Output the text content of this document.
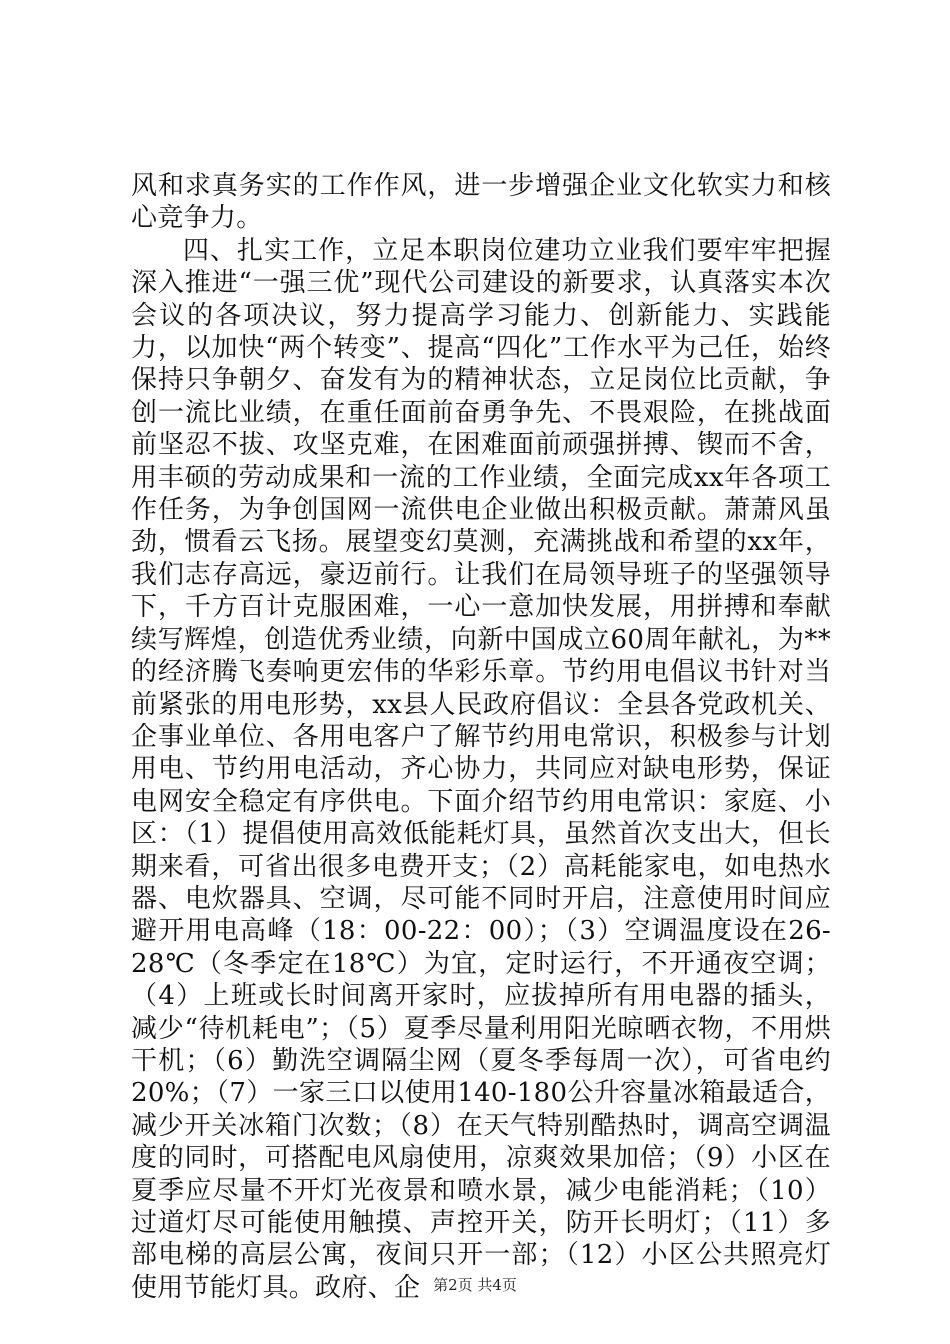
风和求真务实的工作作风，进一步增强企业文化软实力和核心竞争力。

四、扎实工作，立足本职岗位建功立业我们要牢牢把握深入推进“一强三优”现代公司建设的新要求，认真落实本次会议的各项决议，努力提高学习能力、创新能力、实践能力，以加快“两个转变”、提高“四化”工作水平为己任，始终保持只争朝夕、奋发有为的精神状态，立足岗位比贡献，争创一流比业绩，在重任面前奋勇争先、不畏艰险，在挑战面前坚忍不拔、攻坚克难，在困难面前顽强拼搏、锲而不舍，用丰硕的劳动成果和一流的工作业绩，全面完成xx年各项工作任务，为争创国网一流供电企业做出积极贡献。萧萧风虽劲，惯看云飞扬。展望变幻莫测，充满挑战和希望的xx年，我们志存高远，豪迈前行。让我们在局领导班子的坚强领导下，千方百计克服困难，一心一意加快发展，用拼搏和奉献续写辉煌，创造优秀业绩，向新中国成立60周年献礼，为**的经济腾飞奏响更宏伟的华彩乐章。节约用电倡议书针对当前紧张的用电形势，xx县人民政府倡议：全县各党政机关、企事业单位、各用电客户了解节约用电常识，积极参与计划用电、节约用电活动，齐心协力，共同应对缺电形势，保证电网安全稳定有序供电。下面介绍节约用电常识：家庭、小区：（1）提倡使用高效低能耗灯具，虽然首次支出大，但长期来看，可省出很多电费开支；（2）高耗能家电，如电热水器、电炊器具、空调，尽可能不同时开启，注意使用时间应避开用电高峰（18：00-22：00）；（3）空调温度设在26-28℃（冬季定在18℃）为宜，定时运行，不开通夜空调；（4）上班或长时间离开家时，应拔掉所有用电器的插头，减少“待机耗电”；（5）夏季尽量利用阳光晾晒衣物，不用烘干机；（6）勤洗空调隔尘网（夏冬季每周一次），可省电约20%；（7）一家三口以使用140-180公升容量冰箱最适合，减少开关冰箱门次数；（8）在天气特别酷热时，调高空调温度的同时，可搭配电风扇使用，凉爽效果加倍；（9）小区在夏季应尽量不开灯光夜景和喷水景，减少电能消耗；（10）过道灯尽可能使用触摸、声控开关，防开长明灯；（11）多部电梯的高层公寓，夜间只开一部；（12）小区公共照亮灯使用节能灯具。政府、企 第2页 共4页
